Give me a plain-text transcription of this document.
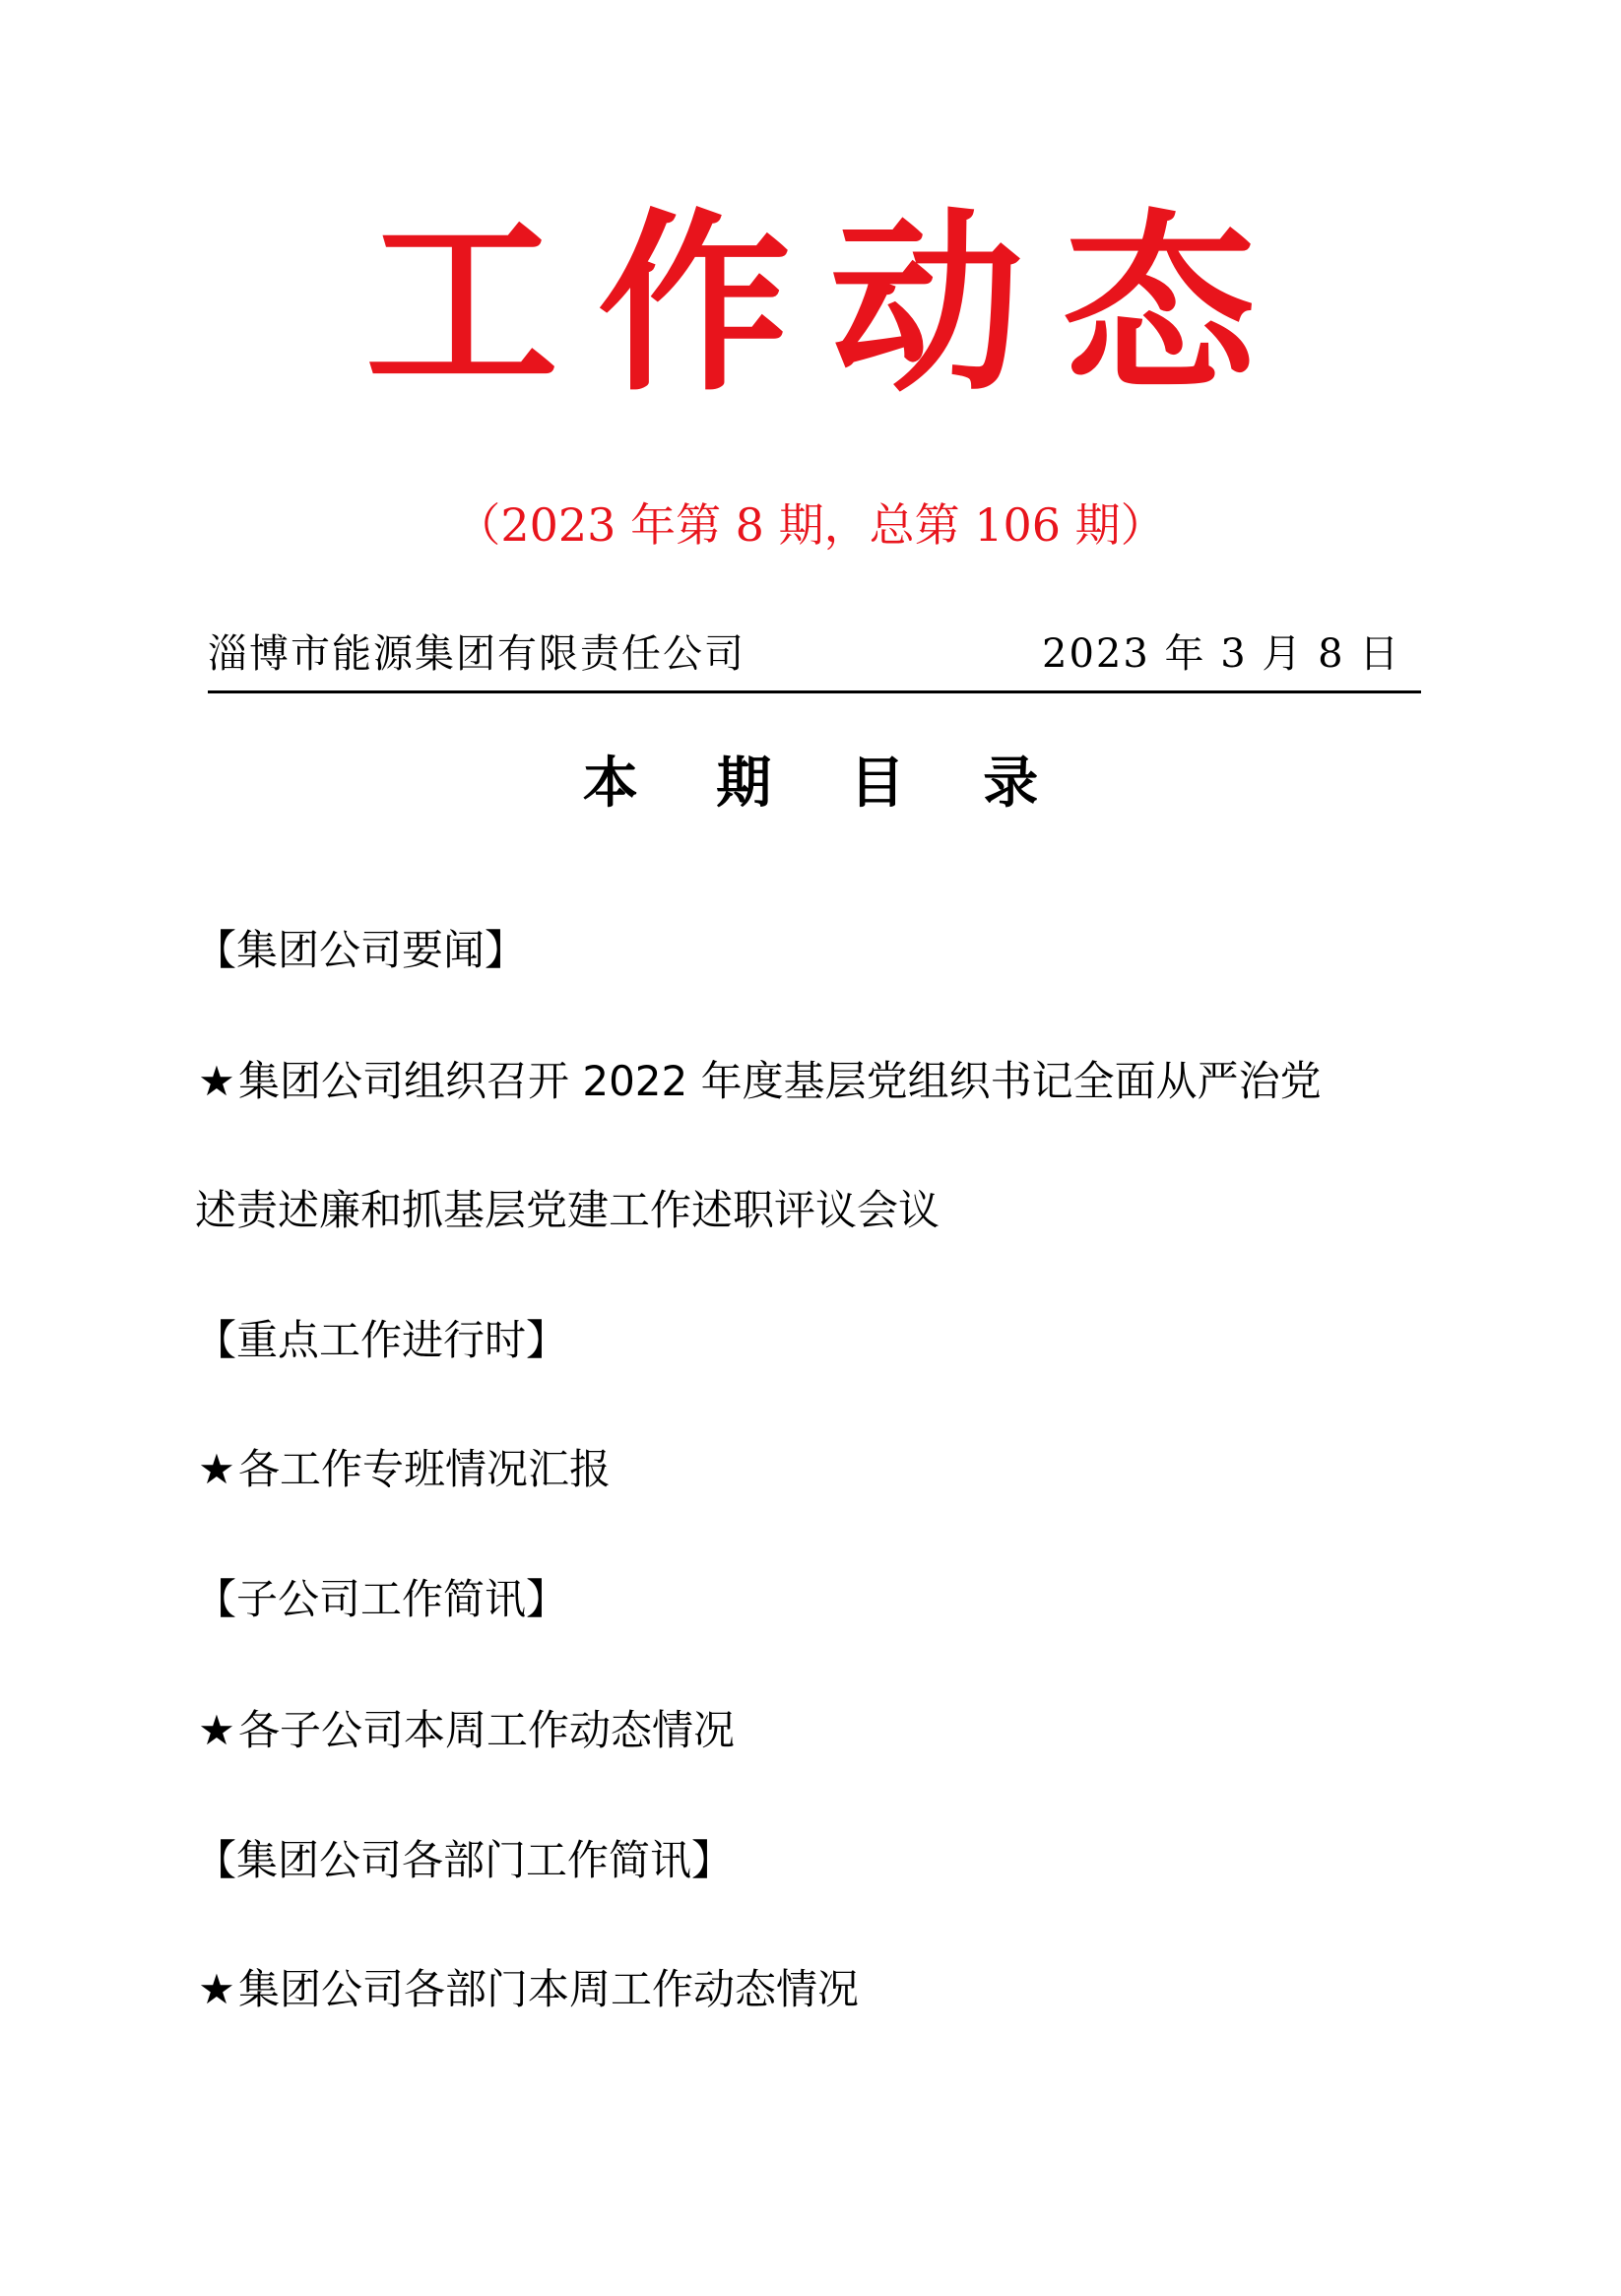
工作动态
（2023 年第 8 期，总第 106 期）
淄博市能源集团有限责任公司	2023 年 3 月 8 日
本 期 目 录
【集团公司要闻】
★集团公司组织召开 2022 年度基层党组织书记全面从严治党
述责述廉和抓基层党建工作述职评议会议
【重点工作进行时】
★各工作专班情况汇报
【子公司工作简讯】
★各子公司本周工作动态情况
【集团公司各部门工作简讯】
★集团公司各部门本周工作动态情况
